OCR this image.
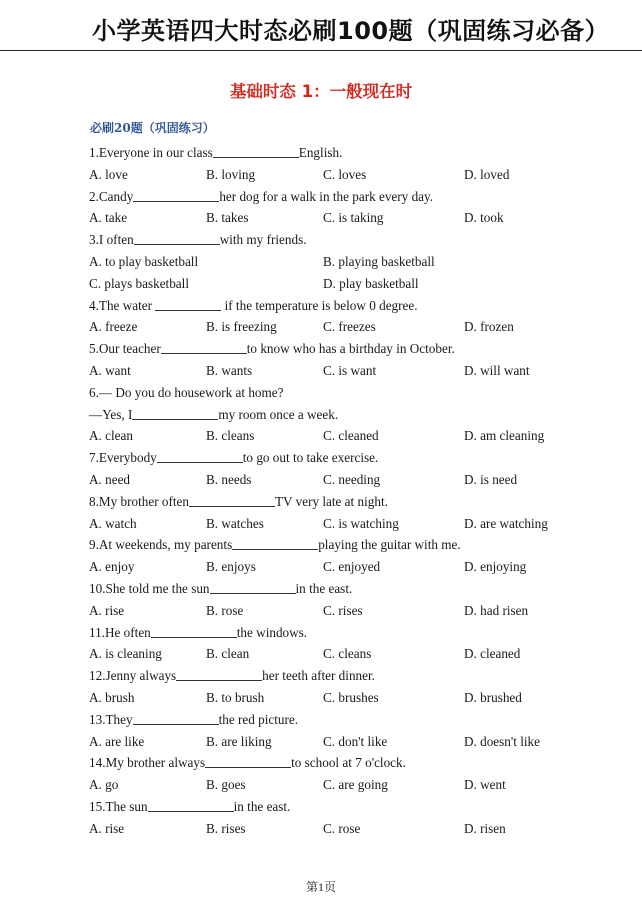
小学英语四大时态必刷100题（巩固练习必备）
基础时态 1：一般现在时
必刷20题（巩固练习）
1.Everyone in our class	English.
A. love	B. loving	C. loves	D. loved
2.Candy	her dog for a walk in the park every day.
A. take	B. takes	C. is taking	D. took
3.I often	with my friends.
A. to play basketball	B. playing basketball
C. plays basketball	D. play basketball
4.The water	if the temperature is below 0 degree.
A. freeze	B. is freezing	C. freezes	D. frozen
5.Our teacher	to know who has a birthday in October.
A. want	B. wants	C. is want	D. will want
6.— Do you do housework at home?
—Yes, I	my room once a week.
A. clean	B. cleans	C. cleaned	D. am cleaning
7.Everybody	to go out to take exercise.
A. need	B. needs	C. needing	D. is need
8.My brother often	TV very late at night.
A. watch	B. watches	C. is watching	D. are watching
9.At weekends, my parents	playing the guitar with me.
A. enjoy	B. enjoys	C. enjoyed	D. enjoying
10.She told me the sun	in the east.
A. rise	B. rose	C. rises	D. had risen
11.He often	the windows.
A. is cleaning	B. clean	C. cleans	D. cleaned
12.Jenny always	her teeth after dinner.
A. brush	B. to brush	C. brushes	D. brushed
13.They	the red picture.
A. are like	B. are liking	C. don't like	D. doesn't like
14.My brother always	to school at 7 o'clock.
A. go	B. goes	C. are going	D. went
15.The sun	in the east.
A. rise	B. rises	C. rose	D. risen
第1页
